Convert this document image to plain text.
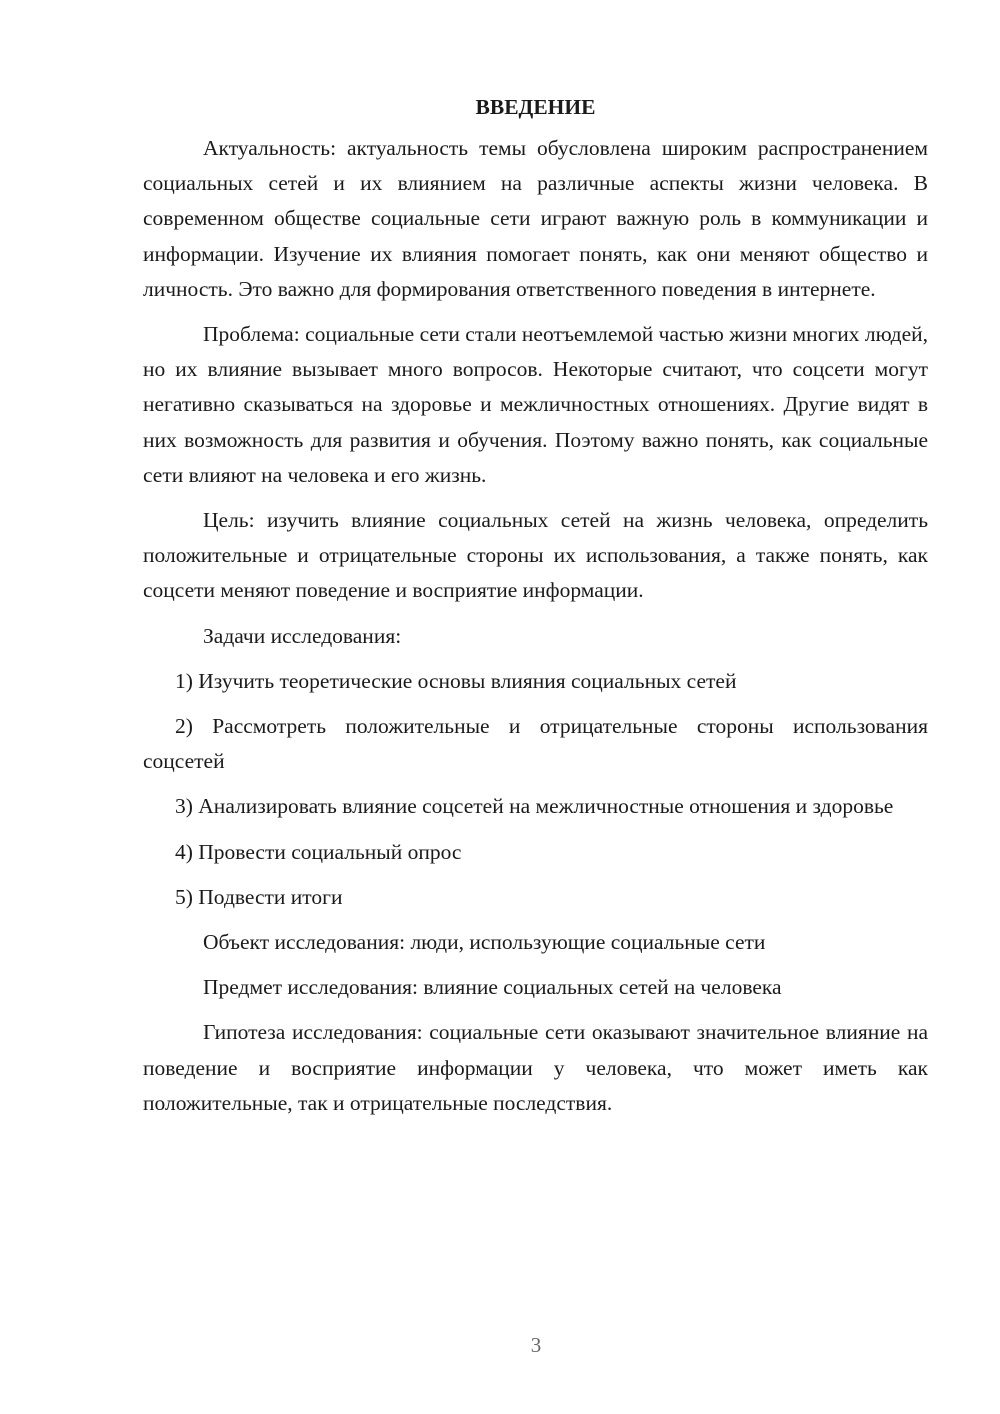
ВВЕДЕНИЕ

Актуальность: актуальность темы обусловлена широким распространением социальных сетей и их влиянием на различные аспекты жизни человека. В современном обществе социальные сети играют важную роль в коммуникации и информации. Изучение их влияния помогает понять, как они меняют общество и личность. Это важно для формирования ответственного поведения в интернете.

Проблема: социальные сети стали неотъемлемой частью жизни многих людей, но их влияние вызывает много вопросов. Некоторые считают, что соцсети могут негативно сказываться на здоровье и межличностных отношениях. Другие видят в них возможность для развития и обучения. Поэтому важно понять, как социальные сети влияют на человека и его жизнь.

Цель: изучить влияние социальных сетей на жизнь человека, определить положительные и отрицательные стороны их использования, а также понять, как соцсети меняют поведение и восприятие информации.

Задачи исследования:

1) Изучить теоретические основы влияния социальных сетей

2) Рассмотреть положительные и отрицательные стороны использования соцсетей

3) Анализировать влияние соцсетей на межличностные отношения и здоровье

4) Провести социальный опрос

5) Подвести итоги

Объект исследования: люди, использующие социальные сети

Предмет исследования: влияние социальных сетей на человека

Гипотеза исследования: социальные сети оказывают значительное влияние на поведение и восприятие информации у человека, что может иметь как положительные, так и отрицательные последствия.

3
